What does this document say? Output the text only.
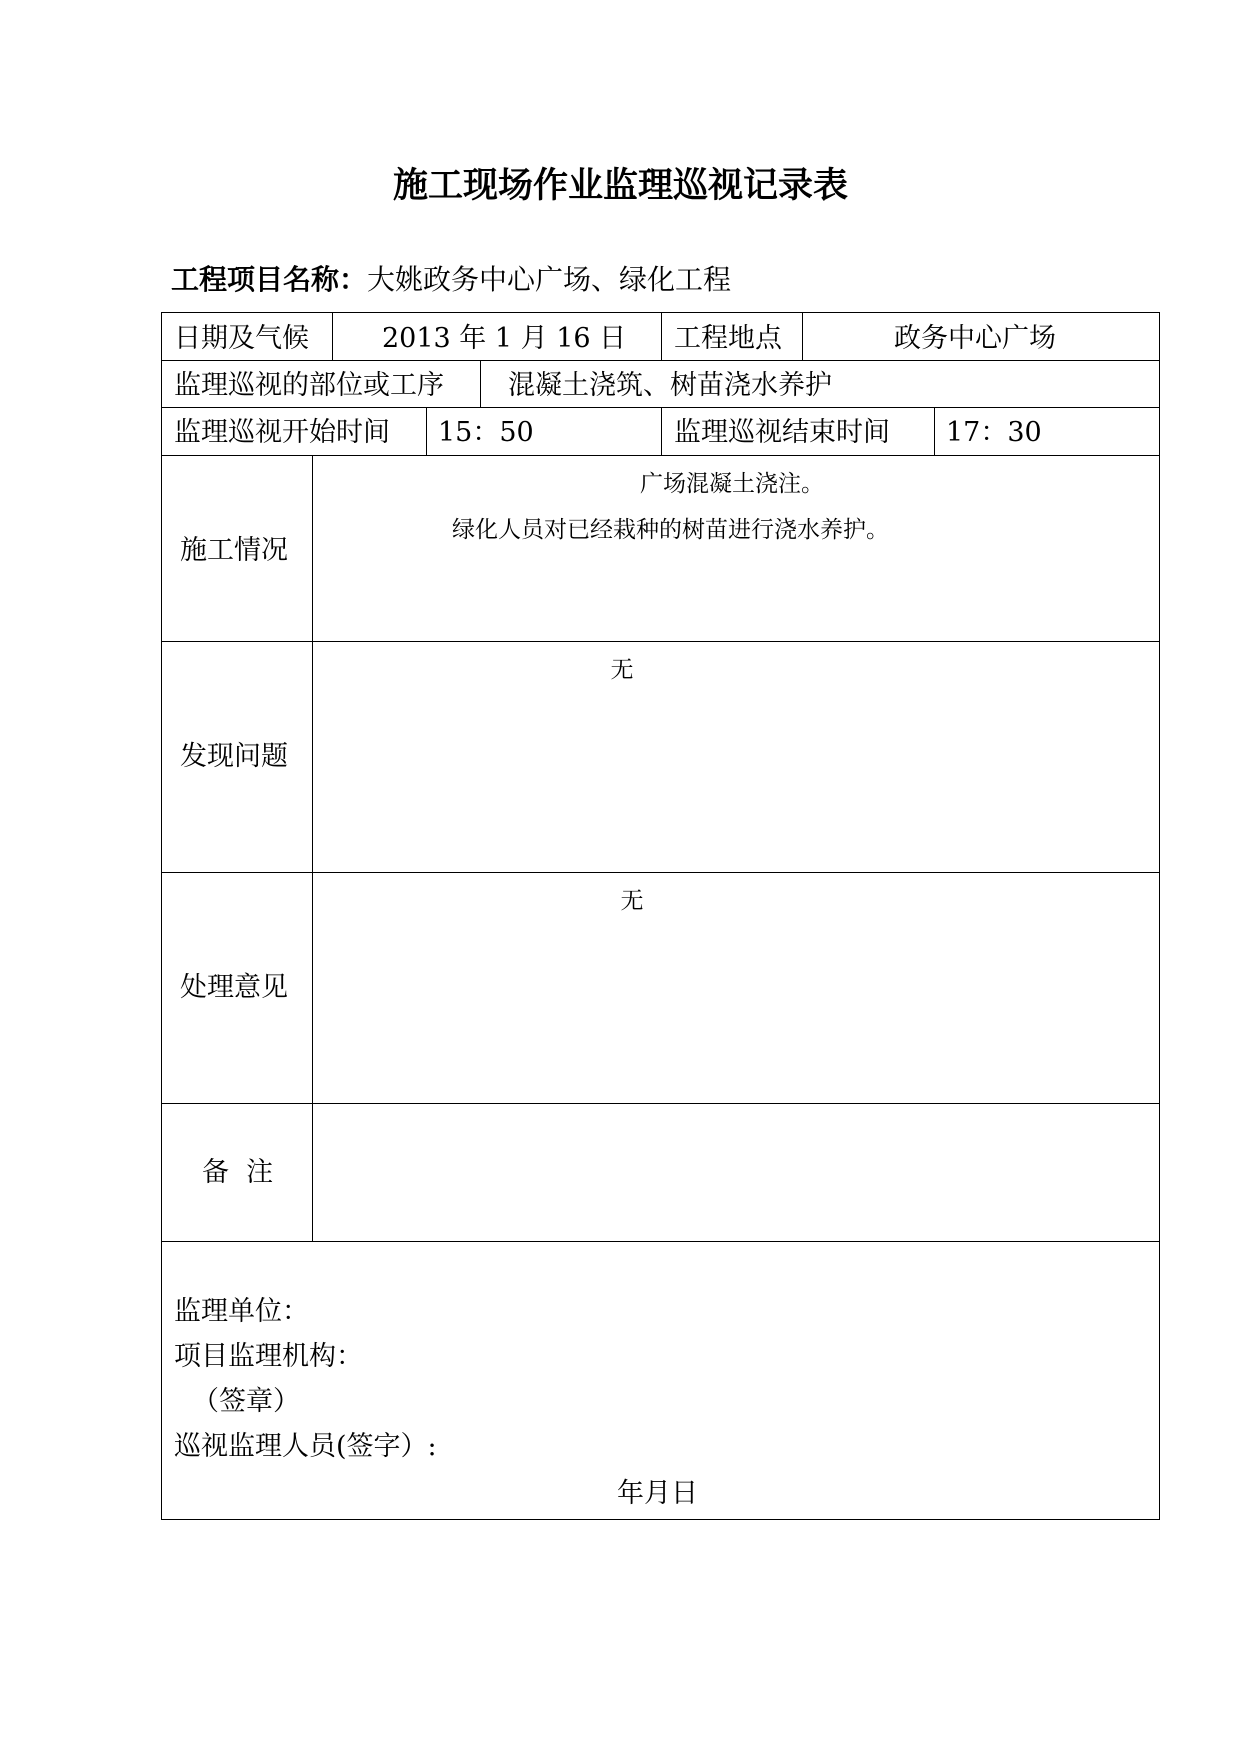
施工现场作业监理巡视记录表
工程项目名称：大姚政务中心广场、绿化工程
日期及气候	2013 年 1 月 16 日 工程地点	政务中心广场
监理巡视的部位或工序 混凝土浇筑、树苗浇水养护
监理巡视开始时间 15：50	监理巡视结束时间 17：30
施工情况
广场混凝土浇注。
绿化人员对已经栽种的树苗进行浇水养护。
发现问题
无
处理意见
无
备  注
监理单位：
项目监理机构：
（签章）
巡视监理人员(签字）:
年月日
